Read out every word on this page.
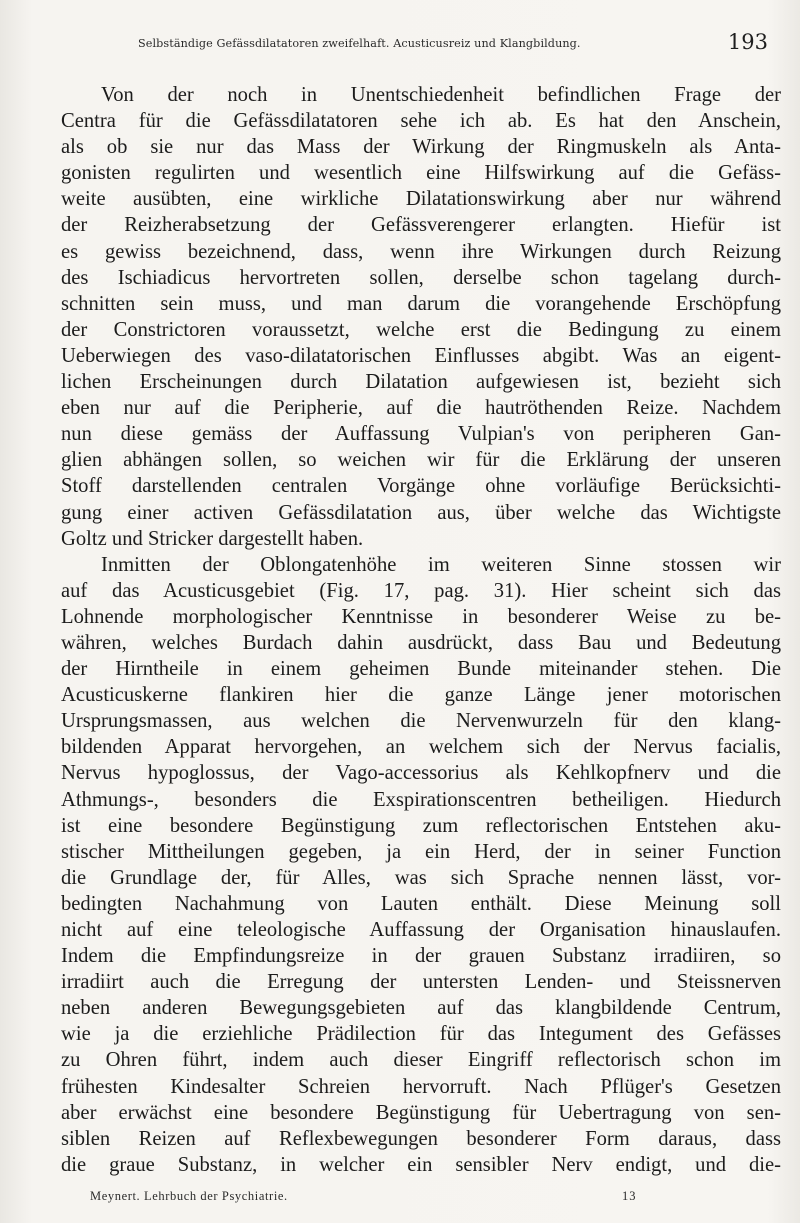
Selbständige Gefässdilatatoren zweifelhaft. Acusticusreiz und Klangbildung.	193
Von der noch in Unentschiedenheit befindlichen Frage der
Centra für die Gefässdilatatoren sehe ich ab. Es hat den Anschein,
als ob sie nur das Mass der Wirkung der Ringmuskeln als Anta-
gonisten regulirten und wesentlich eine Hilfswirkung auf die Gefäss-
weite ausübten, eine wirkliche Dilatationswirkung aber nur während
der Reizherabsetzung der Gefässverengerer erlangten. Hiefür ist
es gewiss bezeichnend, dass, wenn ihre Wirkungen durch Reizung
des Ischiadicus hervortreten sollen, derselbe schon tagelang durch-
schnitten sein muss, und man darum die vorangehende Erschöpfung
der Constrictoren voraussetzt, welche erst die Bedingung zu einem
Ueberwiegen des vaso-dilatatorischen Einflusses abgibt. Was an eigent-
lichen Erscheinungen durch Dilatation aufgewiesen ist, bezieht sich
eben nur auf die Peripherie, auf die hautröthenden Reize. Nachdem
nun diese gemäss der Auffassung Vulpian's von peripheren Gan-
glien abhängen sollen, so weichen wir für die Erklärung der unseren
Stoff darstellenden centralen Vorgänge ohne vorläufige Berücksichti-
gung einer activen Gefässdilatation aus, über welche das Wichtigste
Goltz und Stricker dargestellt haben.
Inmitten der Oblongatenhöhe im weiteren Sinne stossen wir
auf das Acusticusgebiet (Fig. 17, pag. 31). Hier scheint sich das
Lohnende morphologischer Kenntnisse in besonderer Weise zu be-
währen, welches Burdach dahin ausdrückt, dass Bau und Bedeutung
der Hirntheile in einem geheimen Bunde miteinander stehen. Die
Acusticuskerne flankiren hier die ganze Länge jener motorischen
Ursprungsmassen, aus welchen die Nervenwurzeln für den klang-
bildenden Apparat hervorgehen, an welchem sich der Nervus facialis,
Nervus hypoglossus, der Vago-accessorius als Kehlkopfnerv und die
Athmungs-, besonders die Exspirationscentren betheiligen. Hiedurch
ist eine besondere Begünstigung zum reflectorischen Entstehen aku-
stischer Mittheilungen gegeben, ja ein Herd, der in seiner Function
die Grundlage der, für Alles, was sich Sprache nennen lässt, vor-
bedingten Nachahmung von Lauten enthält. Diese Meinung soll
nicht auf eine teleologische Auffassung der Organisation hinauslaufen.
Indem die Empfindungsreize in der grauen Substanz irradiiren, so
irradiirt auch die Erregung der untersten Lenden- und Steissnerven
neben anderen Bewegungsgebieten auf das klangbildende Centrum,
wie ja die erziehliche Prädilection für das Integument des Gefässes
zu Ohren führt, indem auch dieser Eingriff reflectorisch schon im
frühesten Kindesalter Schreien hervorruft. Nach Pflüger's Gesetzen
aber erwächst eine besondere Begünstigung für Uebertragung von sen-
siblen Reizen auf Reflexbewegungen besonderer Form daraus, dass
die graue Substanz, in welcher ein sensibler Nerv endigt, und die-
Meynert. Lehrbuch der Psychiatrie.	13
